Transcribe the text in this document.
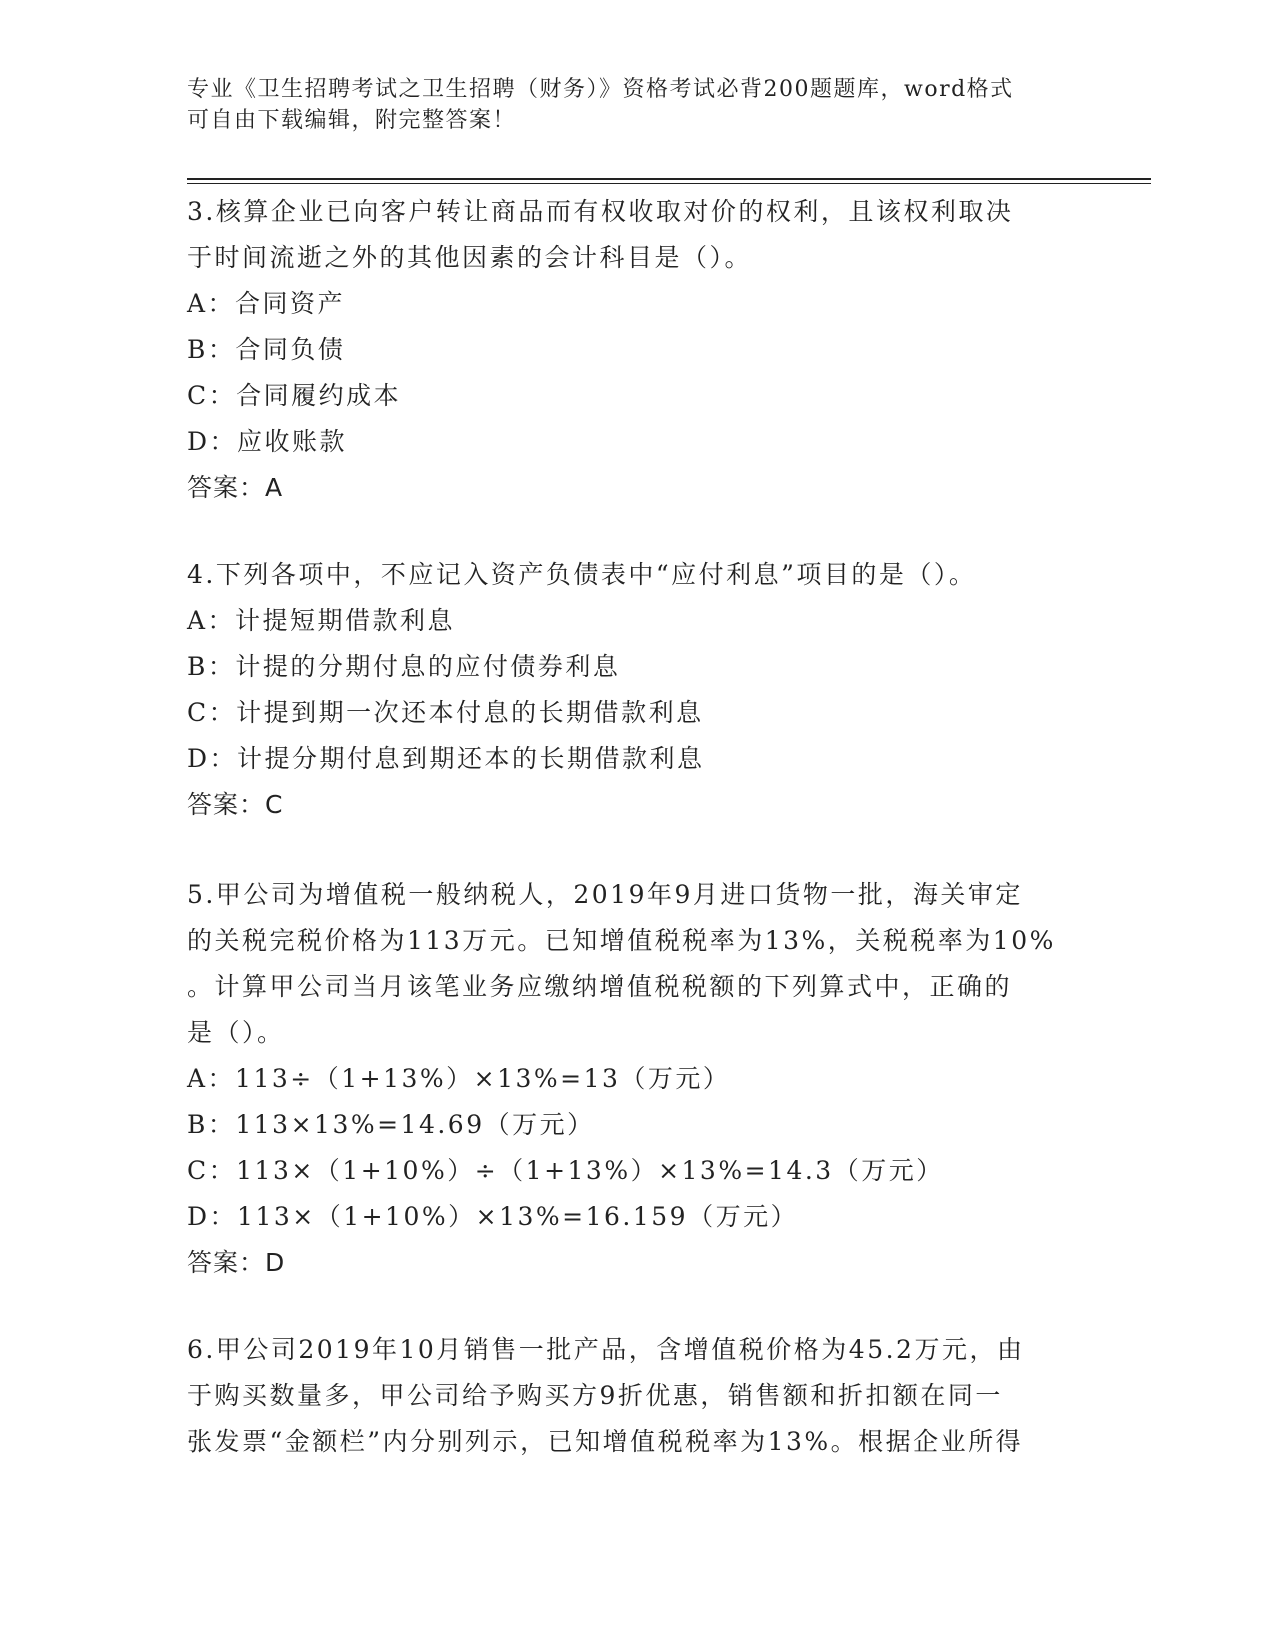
专业《卫生招聘考试之卫生招聘（财务）》资格考试必背200题题库，word格式
可自由下载编辑，附完整答案！
3.核算企业已向客户转让商品而有权收取对价的权利，且该权利取决
于时间流逝之外的其他因素的会计科目是（）。
A：合同资产
B：合同负债
C：合同履约成本
D：应收账款
答案：A
4.下列各项中，不应记入资产负债表中“应付利息”项目的是（）。
A：计提短期借款利息
B：计提的分期付息的应付债券利息
C：计提到期一次还本付息的长期借款利息
D：计提分期付息到期还本的长期借款利息
答案：C
5.甲公司为增值税一般纳税人，2019年9月进口货物一批，海关审定
的关税完税价格为113万元。已知增值税税率为13%，关税税率为10%
。计算甲公司当月该笔业务应缴纳增值税税额的下列算式中，正确的
是（）。
A：113÷（1+13%）×13%=13（万元）
B：113×13%=14.69（万元）
C：113×（1+10%）÷（1+13%）×13%=14.3（万元）
D：113×（1+10%）×13%=16.159（万元）
答案：D
6.甲公司2019年10月销售一批产品，含增值税价格为45.2万元，由
于购买数量多，甲公司给予购买方9折优惠，销售额和折扣额在同一
张发票“金额栏”内分别列示，已知增值税税率为13%。根据企业所得
